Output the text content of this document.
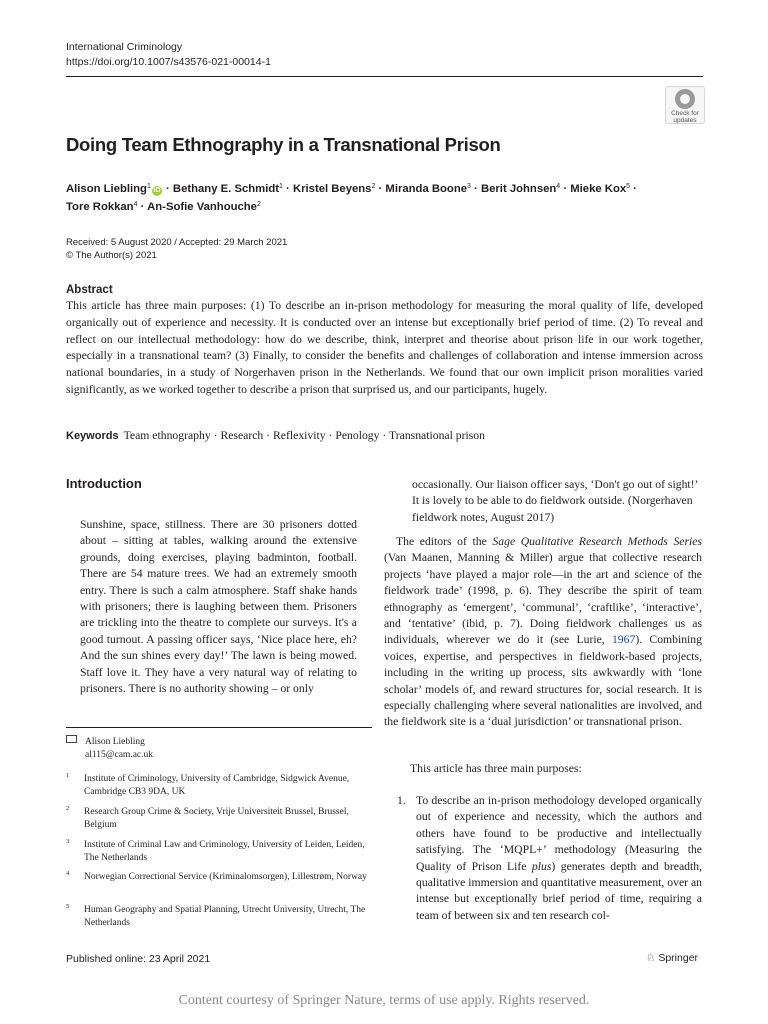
International Criminology
https://doi.org/10.1007/s43576-021-00014-1
Check for
updates
Doing Team Ethnography in a Transnational Prison
Alison Liebling$^1$iD · Bethany E. Schmidt$^1$ · Kristel Beyens$^2$ · Miranda Boone$^3$ · Berit Johnsen$^4$ · Mieke Kox$^5$ ·
Tore Rokkan$^4$ · An-Sofie Vanhouche$^2$
Received: 5 August 2020 / Accepted: 29 March 2021
© The Author(s) 2021
Abstract
This article has three main purposes: (1) To describe an in-prison methodology for measuring the moral quality of life, developed organically out of experience and necessity. It is conducted over an intense but exceptionally brief period of time. (2) To reveal and reflect on our intellectual methodology: how do we describe, think, interpret and theorise about prison life in our work together, especially in a transnational team? (3) Finally, to consider the benefits and challenges of collaboration and intense immersion across national boundaries, in a study of Norgerhaven prison in the Netherlands. We found that our own implicit prison moralities varied significantly, as we worked together to describe a prison that surprised us, and our participants, hugely.
Keywords Team ethnography · Research · Reflexivity · Penology · Transnational prison
Introduction
Sunshine, space, stillness. There are 30 prisoners dotted about – sitting at tables, walking around the extensive grounds, doing exercises, playing badminton, football. There are 54 mature trees. We had an extremely smooth entry. There is such a calm atmosphere. Staff shake hands with prisoners; there is laughing between them. Prisoners are trickling into the theatre to complete our surveys. It's a good turnout. A passing officer says, ‘Nice place here, eh? And the sun shines every day!’ The lawn is being mowed. Staff love it. They have a very natural way of relating to prisoners. There is no authority showing – or only
Alison Liebling
al115@cam.ac.uk
1 Institute of Criminology, University of Cambridge, Sidgwick Avenue, Cambridge CB3 9DA, UK
2 Research Group Crime & Society, Vrije Universiteit Brussel, Brussel, Belgium
3 Institute of Criminal Law and Criminology, University of Leiden, Leiden, The Netherlands
4 Norwegian Correctional Service (Kriminalomsorgen), Lillestrøm, Norway
5 Human Geography and Spatial Planning, Utrecht University, Utrecht, The Netherlands
occasionally. Our liaison officer says, ‘Don't go out of sight!’ It is lovely to be able to do fieldwork outside. (Norgerhaven fieldwork notes, August 2017)
The editors of the Sage Qualitative Research Methods Series (Van Maanen, Manning & Miller) argue that collective research projects ‘have played a major role—in the art and science of the fieldwork trade’ (1998, p. 6). They describe the spirit of team ethnography as ‘emergent’, ‘communal’, ‘craftlike’, ‘interactive’, and ‘tentative’ (ibid, p. 7). Doing fieldwork challenges us as individuals, wherever we do it (see Lurie, 1967). Combining voices, expertise, and perspectives in fieldwork-based projects, including in the writing up process, sits awkwardly with ‘lone scholar’ models of, and reward structures for, social research. It is especially challenging where several nationalities are involved, and the fieldwork site is a ‘dual jurisdiction’ or transnational prison.
This article has three main purposes:
1. To describe an in-prison methodology developed organically out of experience and necessity, which the authors and others have found to be productive and intellectually satisfying. The ‘MQPL+’ methodology (Measuring the Quality of Prison Life plus) generates depth and breadth, qualitative immersion and quantitative measurement, over an intense but exceptionally brief period of time, requiring a team of between six and ten research col-
Published online: 23 April 2021	♘ Springer
Content courtesy of Springer Nature, terms of use apply. Rights reserved.
